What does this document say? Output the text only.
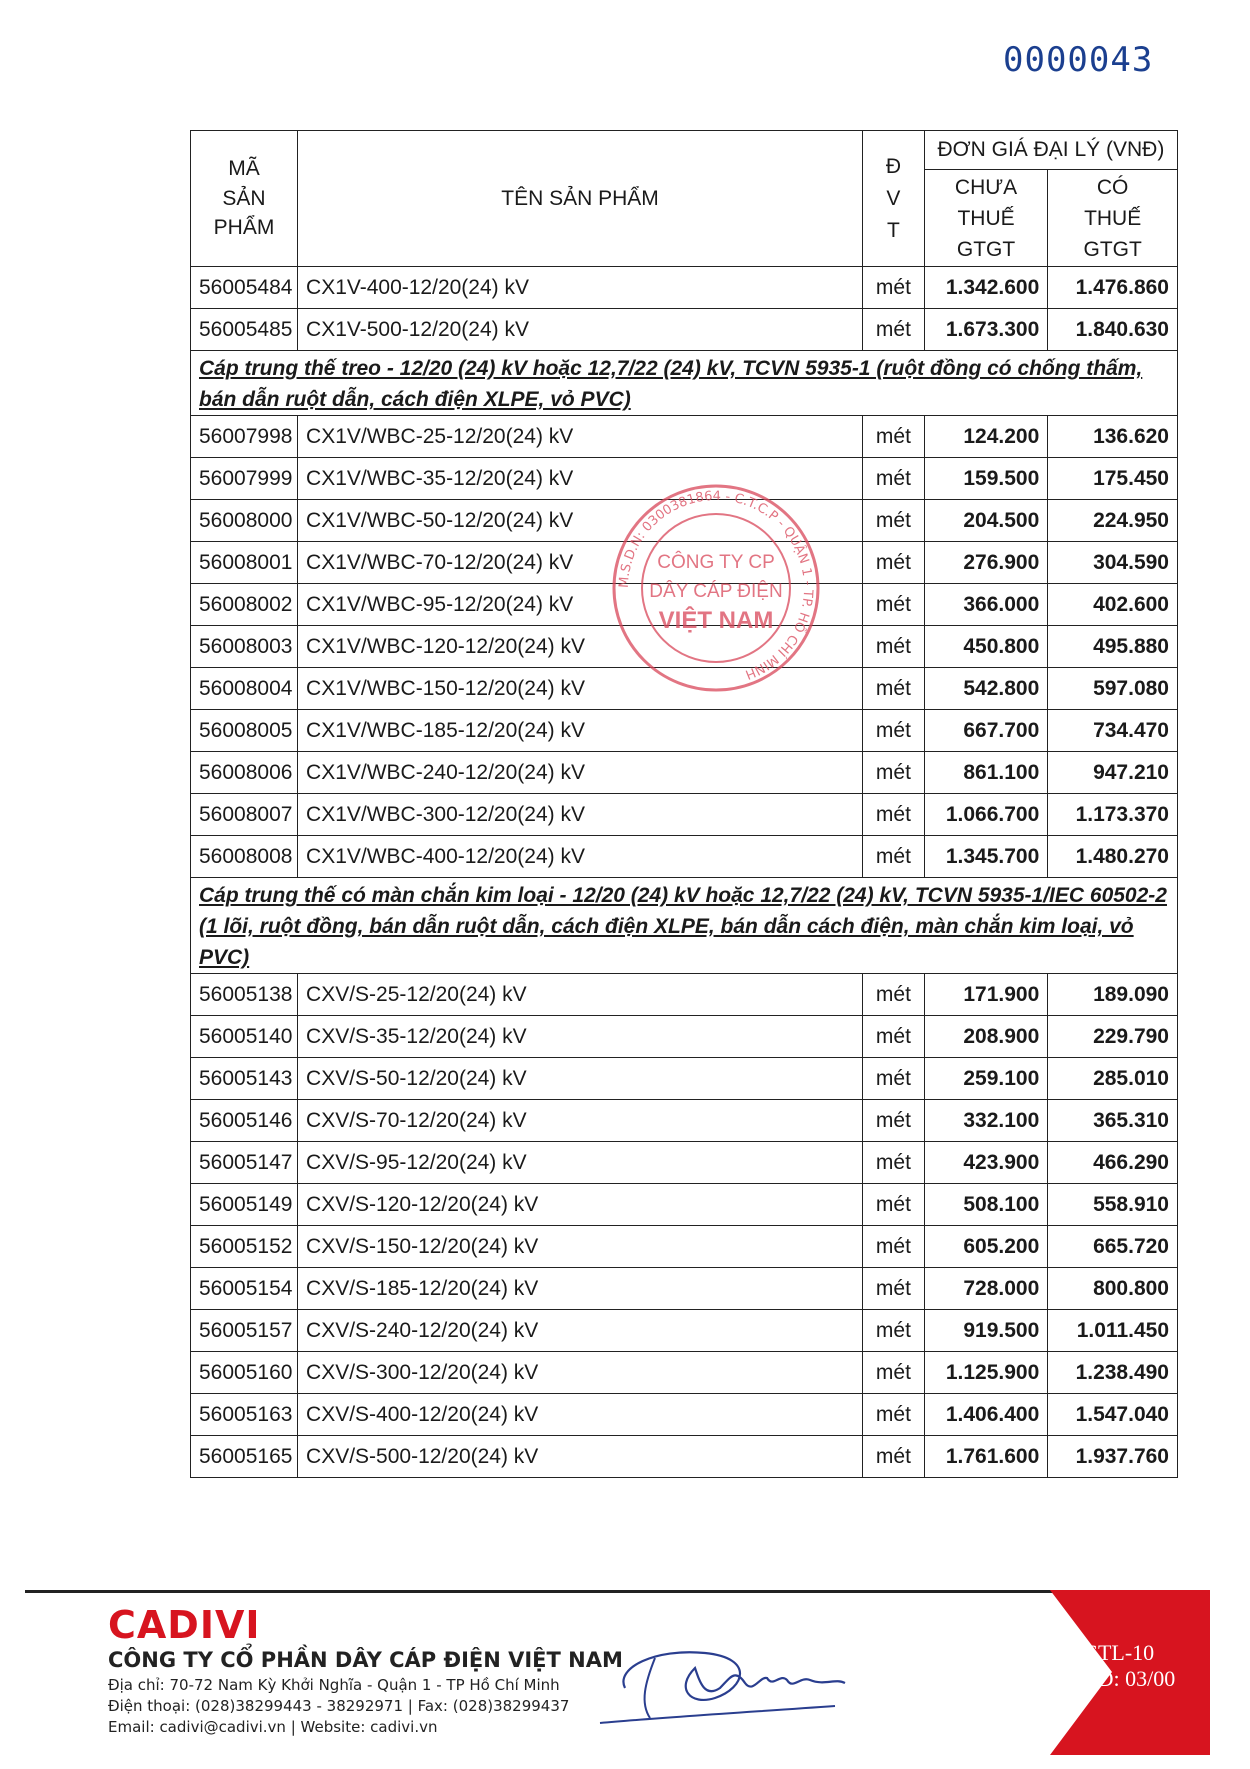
0000043
MÃ SẢN PHẨM	TÊN SẢN PHẨM	Đ
V
T	ĐƠN GIÁ ĐẠI LÝ (VNĐ)	
			CHƯA THUẾ GTGT	CÓ THUẾ GTGT
56005484	CX1V-400-12/20(24) kV	mét	1.342.600	1.476.860
56005485	CX1V-500-12/20(24) kV	mét	1.673.300	1.840.630
Cáp trung thế treo - 12/20 (24) kV hoặc 12,7/22 (24) kV, TCVN 5935-1 (ruột đồng có chống thấm, bán dẫn ruột dẫn, cách điện XLPE, vỏ PVC)				
56007998	CX1V/WBC-25-12/20(24) kV	mét	124.200	136.620
56007999	CX1V/WBC-35-12/20(24) kV	mét	159.500	175.450
56008000	CX1V/WBC-50-12/20(24) kV	mét	204.500	224.950
56008001	CX1V/WBC-70-12/20(24) kV	mét	276.900	304.590
56008002	CX1V/WBC-95-12/20(24) kV	mét	366.000	402.600
56008003	CX1V/WBC-120-12/20(24) kV	mét	450.800	495.880
56008004	CX1V/WBC-150-12/20(24) kV	mét	542.800	597.080
56008005	CX1V/WBC-185-12/20(24) kV	mét	667.700	734.470
56008006	CX1V/WBC-240-12/20(24) kV	mét	861.100	947.210
56008007	CX1V/WBC-300-12/20(24) kV	mét	1.066.700	1.173.370
56008008	CX1V/WBC-400-12/20(24) kV	mét	1.345.700	1.480.270
Cáp trung thế có màn chắn kim loại - 12/20 (24) kV hoặc 12,7/22 (24) kV, TCVN 5935-1/IEC 60502-2 (1 lõi, ruột đồng, bán dẫn ruột dẫn, cách điện XLPE, bán dẫn cách điện, màn chắn kim loại, vỏ PVC)				
56005138	CXV/S-25-12/20(24) kV	mét	171.900	189.090
56005140	CXV/S-35-12/20(24) kV	mét	208.900	229.790
56005143	CXV/S-50-12/20(24) kV	mét	259.100	285.010
56005146	CXV/S-70-12/20(24) kV	mét	332.100	365.310
56005147	CXV/S-95-12/20(24) kV	mét	423.900	466.290
56005149	CXV/S-120-12/20(24) kV	mét	508.100	558.910
56005152	CXV/S-150-12/20(24) kV	mét	605.200	665.720
56005154	CXV/S-185-12/20(24) kV	mét	728.000	800.800
56005157	CXV/S-240-12/20(24) kV	mét	919.500	1.011.450
56005160	CXV/S-300-12/20(24) kV	mét	1.125.900	1.238.490
56005163	CXV/S-400-12/20(24) kV	mét	1.406.400	1.547.040
56005165	CXV/S-500-12/20(24) kV	mét	1.761.600	1.937.760
M.S.D.N: 0300381864 - C.T.C.P - QUẬN 1 - TP. HỒ CHÍ MINH
CÔNG TY CP
DÂY CÁP ĐIỆN
VIỆT NAM
KSTL-10
BH/SĐ: 03/00
CADIVI
CÔNG TY CỔ PHẦN DÂY CÁP ĐIỆN VIỆT NAM
Địa chỉ: 70-72 Nam Kỳ Khởi Nghĩa - Quận 1 - TP Hồ Chí Minh
Điện thoại: (028)38299443 - 38292971 | Fax: (028)38299437
Email: cadivi@cadivi.vn | Website: cadivi.vn
